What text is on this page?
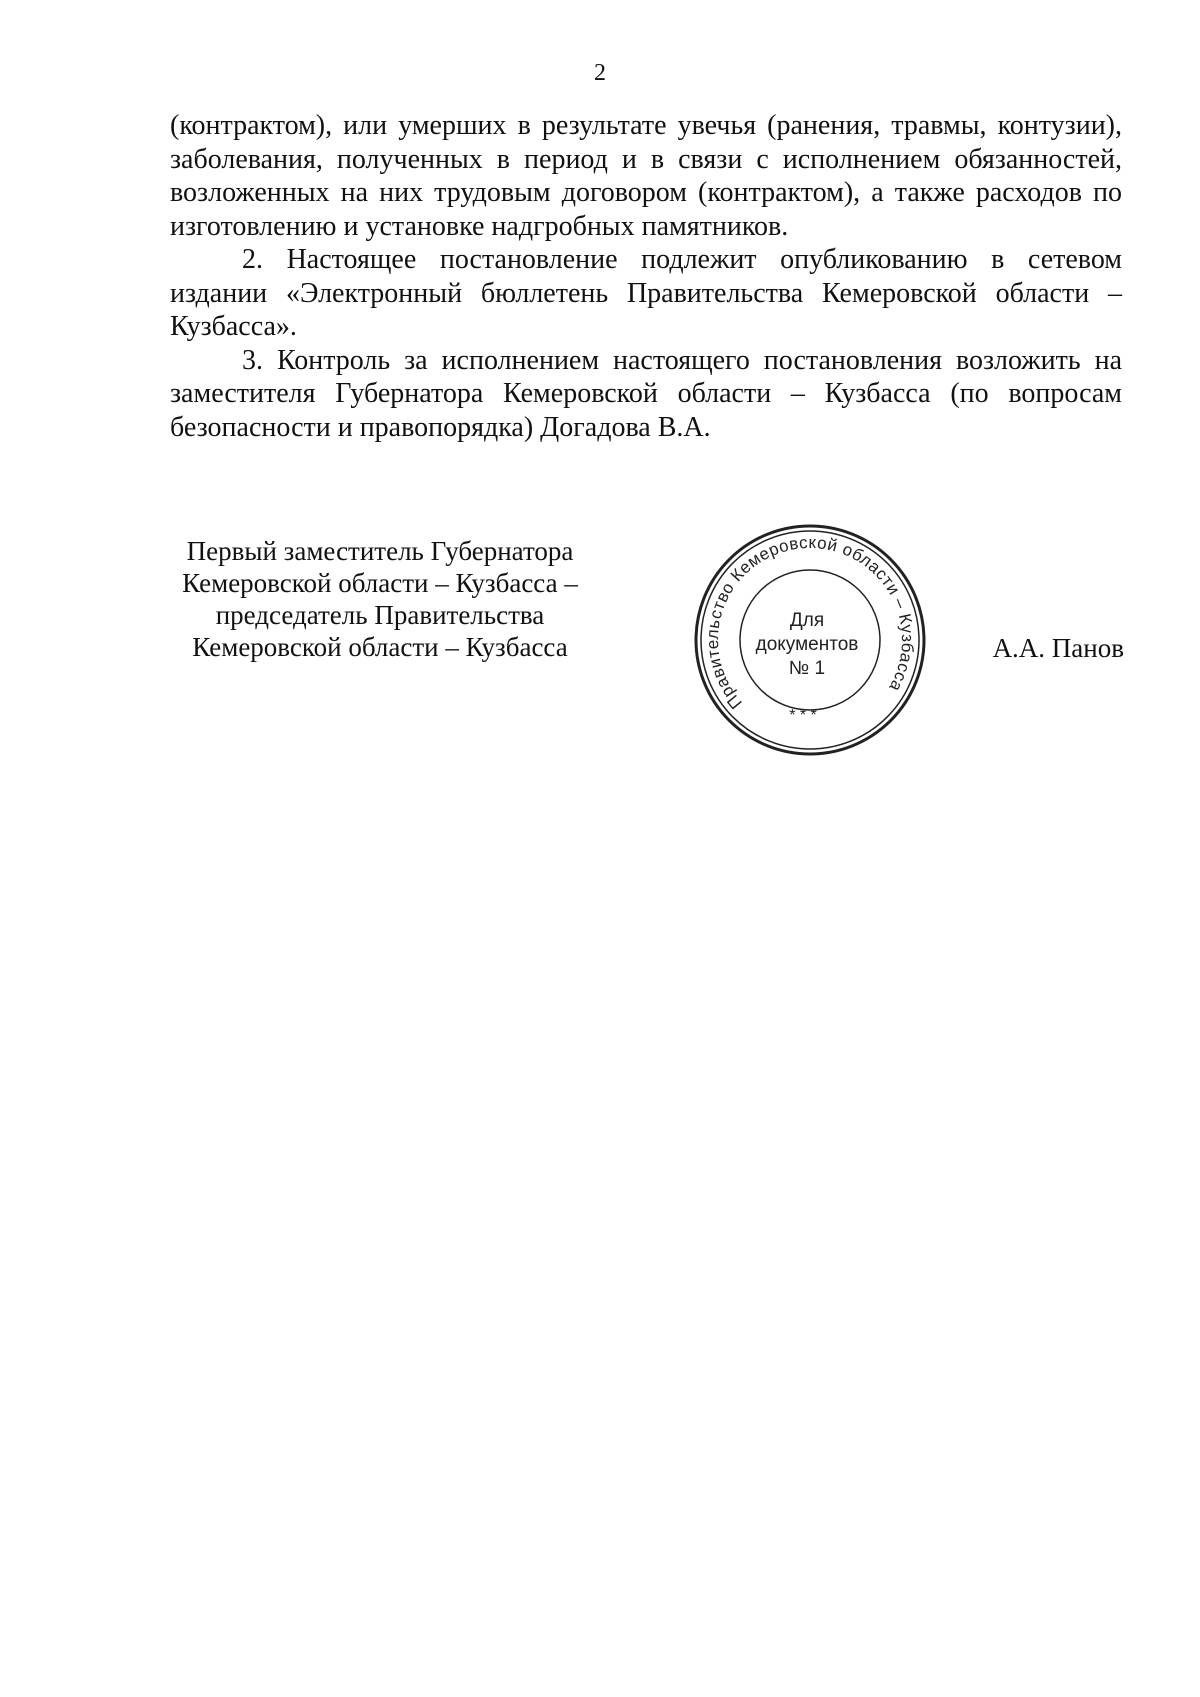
2

(контрактом), или умерших в результате увечья (ранения, травмы, контузии), заболевания, полученных в период и в связи с исполнением обязанностей, возложенных на них трудовым договором (контрактом), а также расходов по изготовлению и установке надгробных памятников.

2. Настоящее постановление подлежит опубликованию в сетевом издании «Электронный бюллетень Правительства Кемеровской области – Кузбасса».

3. Контроль за исполнением настоящего постановления возложить на заместителя Губернатора Кемеровской области – Кузбасса (по вопросам безопасности и правопорядка) Догадова В.А.

Первый заместитель Губернатора
Кемеровской области – Кузбасса –
председатель Правительства
Кемеровской области – Кузбасса
Правительство Кемеровской области – Кузбасса
* * *
Для
документов
№ 1
А.А. Панов
